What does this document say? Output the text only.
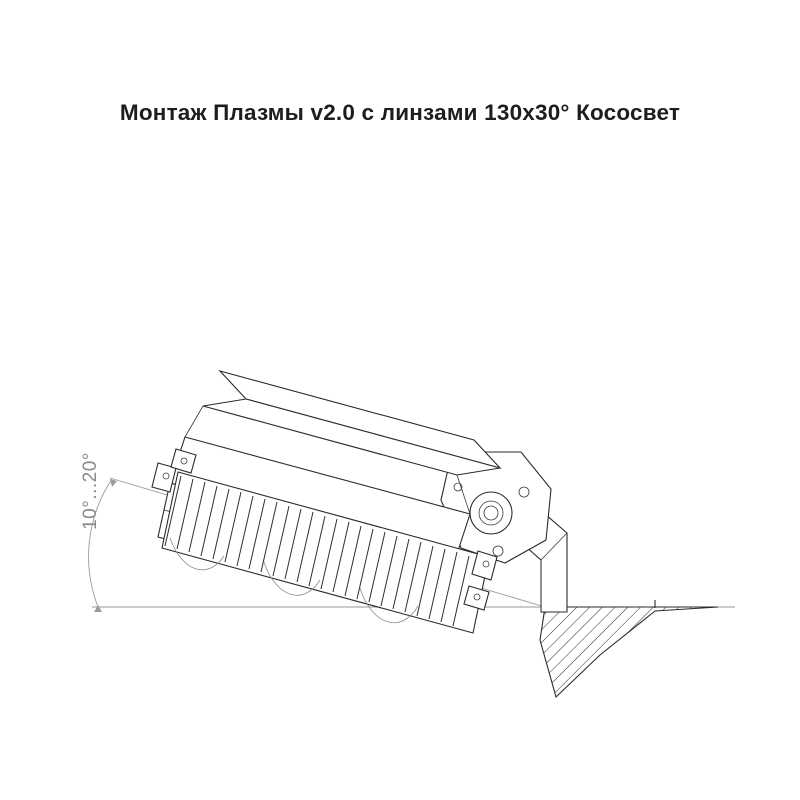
Монтаж Плазмы v2.0 с линзами 130x30° Кососвет
10°...20°
